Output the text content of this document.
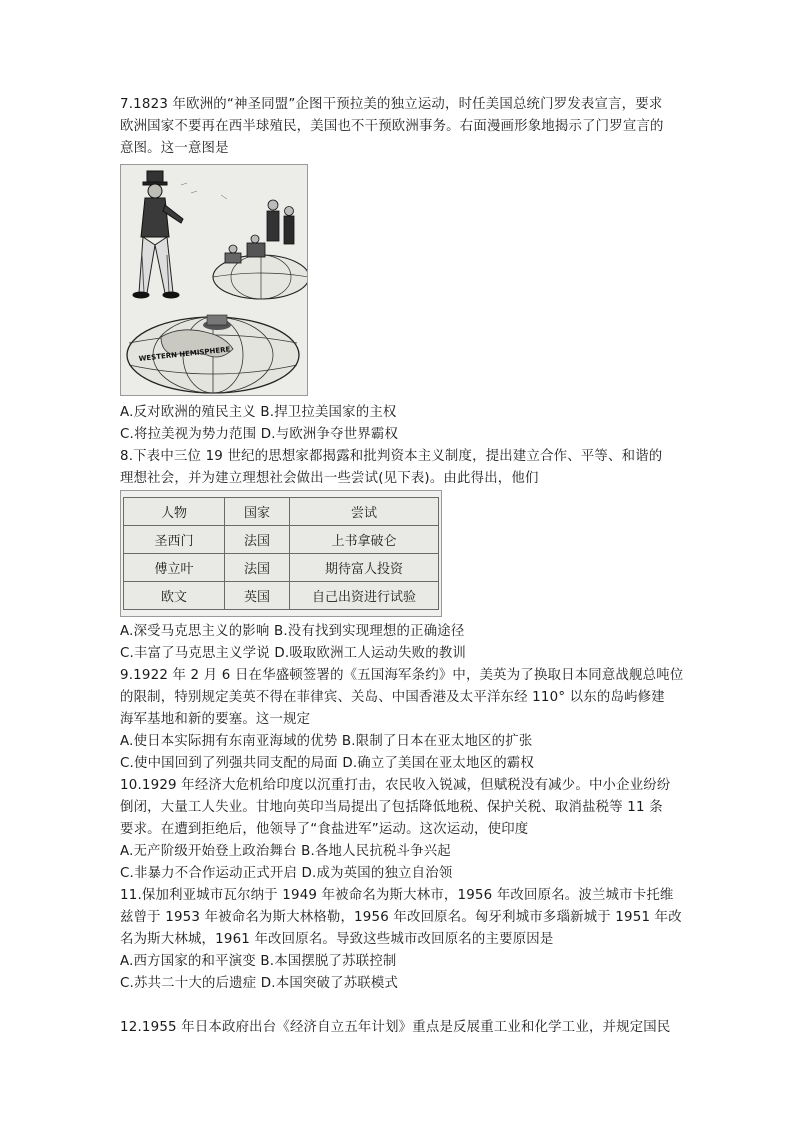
7.1823 年欧洲的“神圣同盟”企图干预拉美的独立运动，时任美国总统门罗发表宣言，要求
欧洲国家不要再在西半球殖民，美国也不干预欧洲事务。右面漫画形象地揭示了门罗宣言的
意图。这一意图是
WESTERN HEMISPHERE
A.反对欧洲的殖民主义 B.捍卫拉美国家的主权
C.将拉美视为势力范围 D.与欧洲争夺世界霸权
8.下表中三位 19 世纪的思想家都揭露和批判资本主义制度，提出建立合作、平等、和谐的
理想社会，并为建立理想社会做出一些尝试(见下表)。由此得出，他们
人物	国家	尝试
圣西门	法国	上书拿破仑
傅立叶	法国	期待富人投资
欧文	英国	自己出资进行试验
A.深受马克思主义的影响 B.没有找到实现理想的正确途径
C.丰富了马克思主义学说 D.吸取欧洲工人运动失败的教训
9.1922 年 2 月 6 日在华盛顿签署的《五国海军条约》中，美英为了换取日本同意战舰总吨位
的限制，特别规定美英不得在菲律宾、关岛、中国香港及太平洋东经 110° 以东的岛屿修建
海军基地和新的要塞。这一规定
A.使日本实际拥有东南亚海域的优势 B.限制了日本在亚太地区的扩张
C.使中国回到了列强共同支配的局面 D.确立了美国在亚太地区的霸权
10.1929 年经济大危机给印度以沉重打击，农民收入锐减，但赋税没有减少。中小企业纷纷
倒闭，大量工人失业。甘地向英印当局提出了包括降低地税、保护关税、取消盐税等 11 条
要求。在遭到拒绝后，他领导了“食盐进军”运动。这次运动，使印度
A.无产阶级开始登上政治舞台 B.各地人民抗税斗争兴起
C.非暴力不合作运动正式开启 D.成为英国的独立自治领
11.保加利亚城市瓦尔纳于 1949 年被命名为斯大林市，1956 年改回原名。波兰城市卡托维
兹曾于 1953 年被命名为斯大林格勒，1956 年改回原名。匈牙利城市多瑙新城于 1951 年改
名为斯大林城，1961 年改回原名。导致这些城市改回原名的主要原因是
A.西方国家的和平演变 B.本国摆脱了苏联控制
C.苏共二十大的后遗症 D.本国突破了苏联模式
12.1955 年日本政府出台《经济自立五年计划》重点是反展重工业和化学工业，并规定国民
